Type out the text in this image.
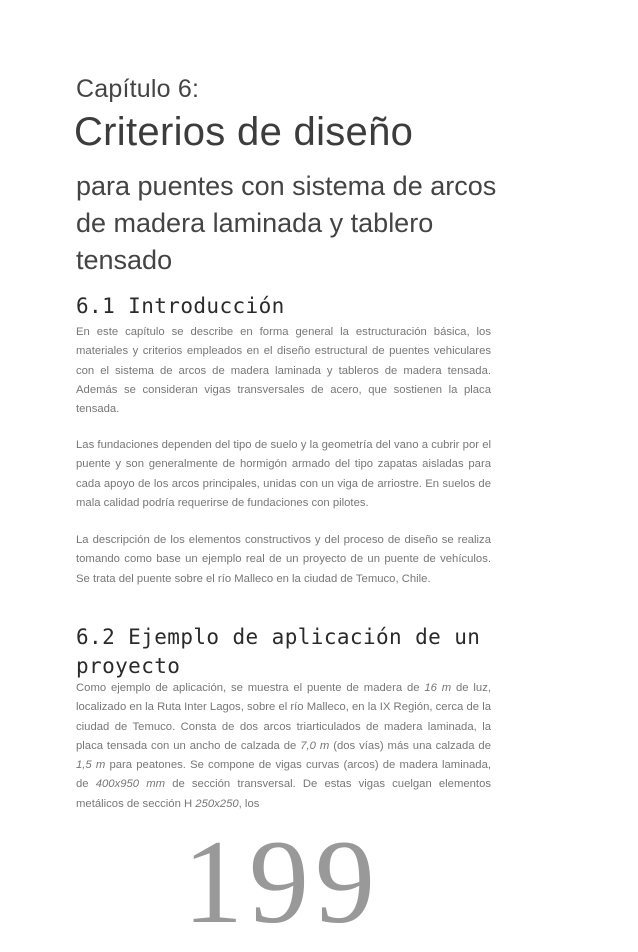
Capítulo 6:
Criterios de diseño
para puentes con sistema de arcos de madera laminada y tablero tensado
6.1 Introducción
En este capítulo se describe en forma general la estructuración básica, los materiales y criterios empleados en el diseño estructural de puentes vehiculares con el sistema de arcos de madera laminada y tableros de madera tensada. Además se consideran vigas transversales de acero, que sostienen la placa tensada.
Las fundaciones dependen del tipo de suelo y la geometría del vano a cubrir por el puente y son generalmente de hormigón armado del tipo zapatas aisladas para cada apoyo de los arcos principales, unidas con un viga de arriostre. En suelos de mala calidad podría requerirse de fundaciones con pilotes.
La descripción de los elementos constructivos y del proceso de diseño se realiza tomando como base un ejemplo real de un proyecto de un puente de vehículos. Se trata del puente sobre el río Malleco en la ciudad de Temuco, Chile.
6.2 Ejemplo de aplicación de un proyecto
Como ejemplo de aplicación, se muestra el puente de madera de 16 m de luz, localizado en la Ruta Inter Lagos, sobre el río Malleco, en la IX Región, cerca de la ciudad de Temuco. Consta de dos arcos triarticulados de madera laminada, la placa tensada con un ancho de calzada de 7,0 m (dos vías) más una calzada de 1,5 m para peatones. Se compone de vigas curvas (arcos) de madera laminada, de 400x950 mm de sección transversal. De estas vigas cuelgan elementos metálicos de sección H 250x250, los
199
